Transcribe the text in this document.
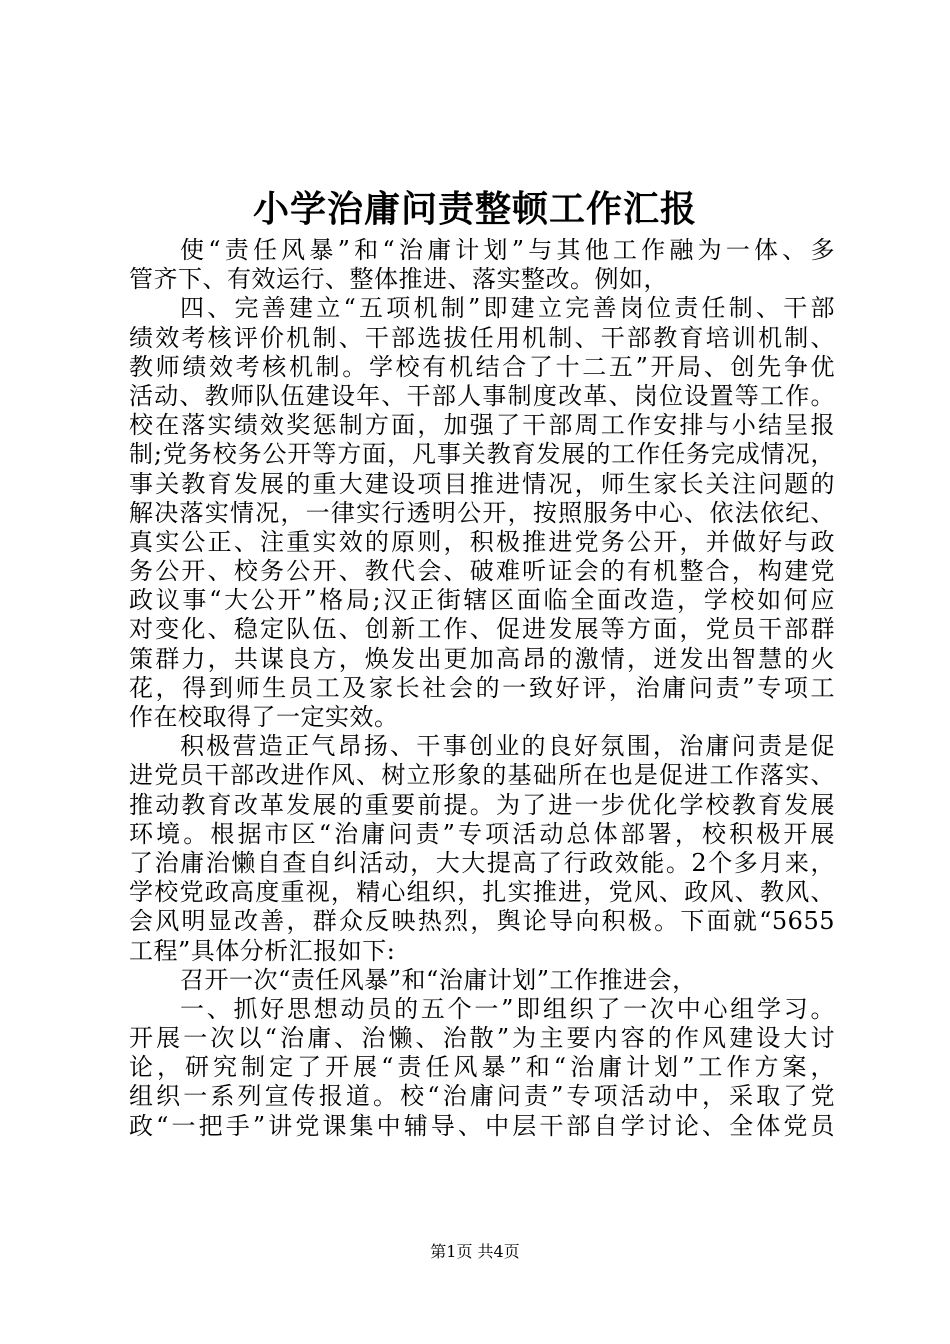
小学治庸问责整顿工作汇报
使“责任风暴”和“治庸计划”与其他工作融为一体、多
管齐下、有效运行、整体推进、落实整改。例如，
四、完善建立“五项机制”即建立完善岗位责任制、干部
绩效考核评价机制、干部选拔任用机制、干部教育培训机制、
教师绩效考核机制。学校有机结合了十二五”开局、创先争优
活动、教师队伍建设年、干部人事制度改革、岗位设置等工作。
校在落实绩效奖惩制方面，加强了干部周工作安排与小结呈报
制;党务校务公开等方面，凡事关教育发展的工作任务完成情况，
事关教育发展的重大建设项目推进情况，师生家长关注问题的
解决落实情况，一律实行透明公开，按照服务中心、依法依纪、
真实公正、注重实效的原则，积极推进党务公开，并做好与政
务公开、校务公开、教代会、破难听证会的有机整合，构建党
政议事“大公开”格局;汉正街辖区面临全面改造，学校如何应
对变化、稳定队伍、创新工作、促进发展等方面，党员干部群
策群力，共谋良方，焕发出更加高昂的激情，迸发出智慧的火
花，得到师生员工及家长社会的一致好评，治庸问责”专项工
作在校取得了一定实效。
积极营造正气昂扬、干事创业的良好氛围，治庸问责是促
进党员干部改进作风、树立形象的基础所在也是促进工作落实、
推动教育改革发展的重要前提。为了进一步优化学校教育发展
环境。根据市区“治庸问责”专项活动总体部署，校积极开展
了治庸治懒自查自纠活动，大大提高了行政效能。2个多月来，
学校党政高度重视，精心组织，扎实推进，党风、政风、教风、
会风明显改善，群众反映热烈，舆论导向积极。下面就“5655
工程”具体分析汇报如下:
召开一次“责任风暴”和“治庸计划”工作推进会，
一、抓好思想动员的五个一”即组织了一次中心组学习。
开展一次以“治庸、治懒、治散”为主要内容的作风建设大讨
论，研究制定了开展“责任风暴”和“治庸计划”工作方案，
组织一系列宣传报道。校“治庸问责”专项活动中，采取了党
政“一把手”讲党课集中辅导、中层干部自学讨论、全体党员
第1页 共4页
